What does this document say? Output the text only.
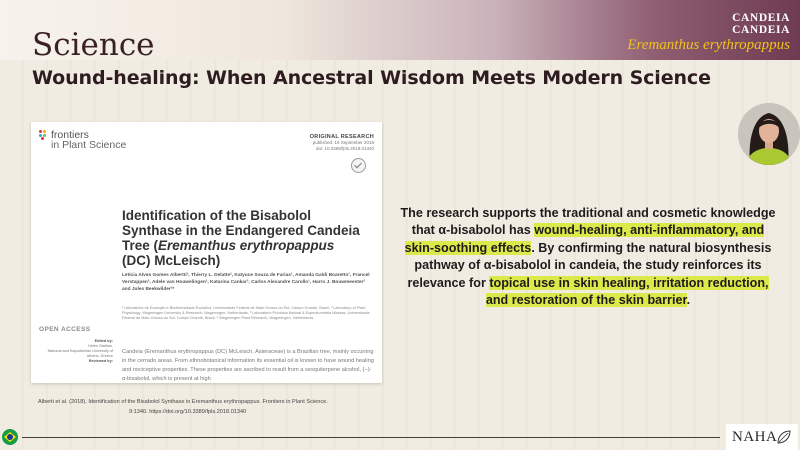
CANDEIA
CANDEIA
Eremanthus erythropappus
Science
Wound-healing: When Ancestral Wisdom Meets Modern Science
frontiers
in Plant Science
ORIGINAL RESEARCH
published: 19 September 2018
doi: 10.3389/fpls.2018.01340
Identification of the Bisabolol Synthase in the Endangered Candeia Tree (Eremanthus erythropappus (DC) McLeisch)
Leticia Alves Gomes Albertti¹, Thierry L. Delatte², Katyuce Souza de Farias¹, Amanda Galdi Boaretto¹, Francel Verstappen², Adele van Houwelingen², Katarina Cankar², Carlos Alexandre Carollo¹, Harro J. Bouwmeester² and Jules Beekwilder²*
¹ Laboratório de Evolução e Biodiversidade Evolutiva, Universidade Federal de Mato Grosso do Sul, Campo Grande, Brazil, ² Laboratory of Plant Physiology, Wageningen University & Research, Wageningen, Netherlands, ³ Laboratório Produtos Natural & Espectrometria Massas, Universidade Federal de Mato Grosso do Sul, Campo Grande, Brazil, ⁴ Wageningen Plant Research, Wageningen, Netherlands
OPEN ACCESS
Edited by:
Helen Stathas,
National and Kapodistrian University of Athens, Greece
Reviewed by:
Candeia (Eremanthus erythropappus (DC) McLeisch, Asteraceae) is a Brazilian tree, mainly occurring in the cerrado areas. From ethnobotanical information its essential oil is known to have wound healing and nociceptive properties. These properties are ascribed to result from a sesquiterpene alcohol, (−)-α-bisabolol, which is present at high
Alberti et al. (2018). Identification of the Bisabolol Synthase in Eremanthus erythropappus. Frontiers in Plant Science.
9:1340. https://doi.org/10.3389/fpls.2018.01340

The research supports the traditional and cosmetic knowledge that α-bisabolol has wound-healing, anti-inflammatory, and skin-soothing effects. By confirming the natural biosynthesis pathway of α-bisabolol in candeia, the study reinforces its relevance for topical use in skin healing, irritation reduction, and restoration of the skin barrier.

NAHA
